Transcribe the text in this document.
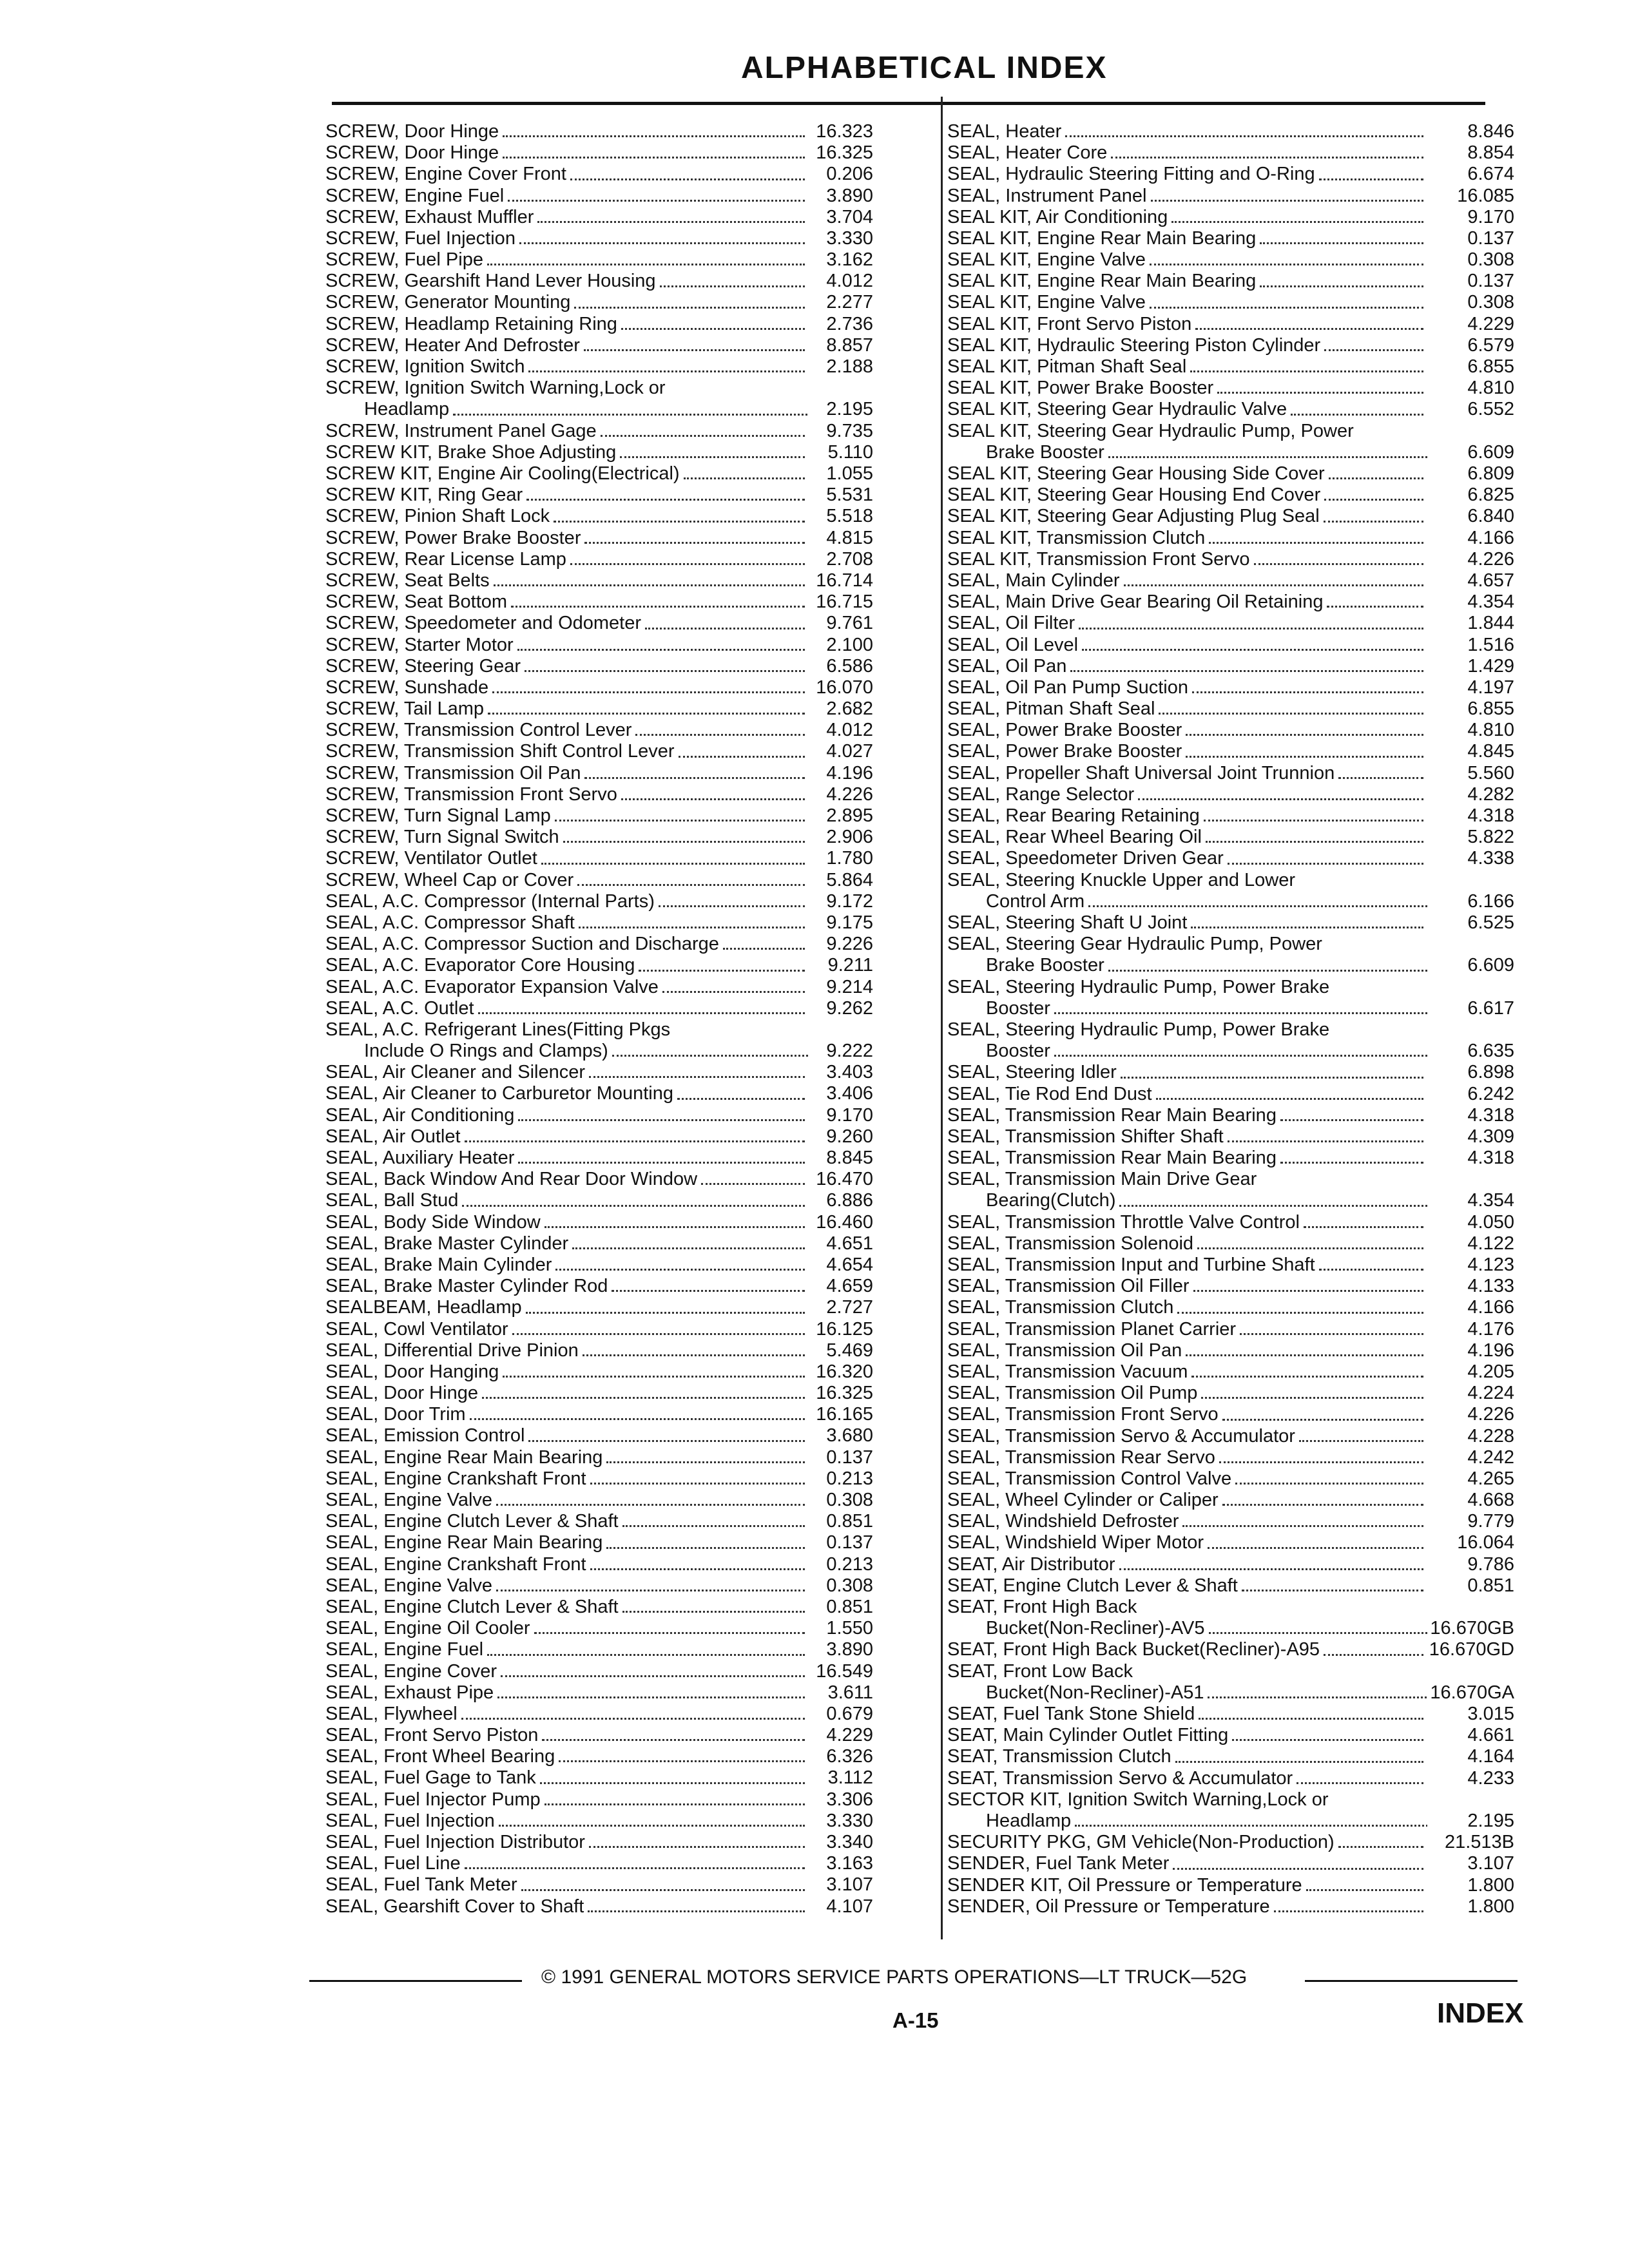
ALPHABETICAL INDEX
SCREW, Door Hinge	16.323
SCREW, Door Hinge	16.325
SCREW, Engine Cover Front	0.206
SCREW, Engine Fuel	3.890
SCREW, Exhaust Muffler	3.704
SCREW, Fuel Injection	3.330
SCREW, Fuel Pipe	3.162
SCREW, Gearshift Hand Lever Housing	4.012
SCREW, Generator Mounting	2.277
SCREW, Headlamp Retaining Ring	2.736
SCREW, Heater And Defroster	8.857
SCREW, Ignition Switch	2.188
SCREW, Ignition Switch Warning,Lock or
Headlamp	2.195
SCREW, Instrument Panel Gage	9.735
SCREW KIT, Brake Shoe Adjusting	5.110
SCREW KIT, Engine Air Cooling(Electrical)	1.055
SCREW KIT, Ring Gear	5.531
SCREW, Pinion Shaft Lock	5.518
SCREW, Power Brake Booster	4.815
SCREW, Rear License Lamp	2.708
SCREW, Seat Belts	16.714
SCREW, Seat Bottom	16.715
SCREW, Speedometer and Odometer	9.761
SCREW, Starter Motor	2.100
SCREW, Steering Gear	6.586
SCREW, Sunshade	16.070
SCREW, Tail Lamp	2.682
SCREW, Transmission Control Lever	4.012
SCREW, Transmission Shift Control Lever	4.027
SCREW, Transmission Oil Pan	4.196
SCREW, Transmission Front Servo	4.226
SCREW, Turn Signal Lamp	2.895
SCREW, Turn Signal Switch	2.906
SCREW, Ventilator Outlet	1.780
SCREW, Wheel Cap or Cover	5.864
SEAL, A.C. Compressor (Internal Parts)	9.172
SEAL, A.C. Compressor Shaft	9.175
SEAL, A.C. Compressor Suction and Discharge	9.226
SEAL, A.C. Evaporator Core Housing	9.211
SEAL, A.C. Evaporator Expansion Valve	9.214
SEAL, A.C. Outlet	9.262
SEAL, A.C. Refrigerant Lines(Fitting Pkgs
Include O Rings and Clamps)	9.222
SEAL, Air Cleaner and Silencer	3.403
SEAL, Air Cleaner to Carburetor Mounting	3.406
SEAL, Air Conditioning	9.170
SEAL, Air Outlet	9.260
SEAL, Auxiliary Heater	8.845
SEAL, Back Window And Rear Door Window	16.470
SEAL, Ball Stud	6.886
SEAL, Body Side Window	16.460
SEAL, Brake Master Cylinder	4.651
SEAL, Brake Main Cylinder	4.654
SEAL, Brake Master Cylinder Rod	4.659
SEALBEAM, Headlamp	2.727
SEAL, Cowl Ventilator	16.125
SEAL, Differential Drive Pinion	5.469
SEAL, Door Hanging	16.320
SEAL, Door Hinge	16.325
SEAL, Door Trim	16.165
SEAL, Emission Control	3.680
SEAL, Engine Rear Main Bearing	0.137
SEAL, Engine Crankshaft Front	0.213
SEAL, Engine Valve	0.308
SEAL, Engine Clutch Lever & Shaft	0.851
SEAL, Engine Rear Main Bearing	0.137
SEAL, Engine Crankshaft Front	0.213
SEAL, Engine Valve	0.308
SEAL, Engine Clutch Lever & Shaft	0.851
SEAL, Engine Oil Cooler	1.550
SEAL, Engine Fuel	3.890
SEAL, Engine Cover	16.549
SEAL, Exhaust Pipe	3.611
SEAL, Flywheel	0.679
SEAL, Front Servo Piston	4.229
SEAL, Front Wheel Bearing	6.326
SEAL, Fuel Gage to Tank	3.112
SEAL, Fuel Injector Pump	3.306
SEAL, Fuel Injection	3.330
SEAL, Fuel Injection Distributor	3.340
SEAL, Fuel Line	3.163
SEAL, Fuel Tank Meter	3.107
SEAL, Gearshift Cover to Shaft	4.107
SEAL, Heater	8.846
SEAL, Heater Core	8.854
SEAL, Hydraulic Steering Fitting and O-Ring	6.674
SEAL, Instrument Panel	16.085
SEAL KIT, Air Conditioning	9.170
SEAL KIT, Engine Rear Main Bearing	0.137
SEAL KIT, Engine Valve	0.308
SEAL KIT, Engine Rear Main Bearing	0.137
SEAL KIT, Engine Valve	0.308
SEAL KIT, Front Servo Piston	4.229
SEAL KIT, Hydraulic Steering Piston Cylinder	6.579
SEAL KIT, Pitman Shaft Seal	6.855
SEAL KIT, Power Brake Booster	4.810
SEAL KIT, Steering Gear Hydraulic Valve	6.552
SEAL KIT, Steering Gear Hydraulic Pump, Power
Brake Booster	6.609
SEAL KIT, Steering Gear Housing Side Cover	6.809
SEAL KIT, Steering Gear Housing End Cover	6.825
SEAL KIT, Steering Gear Adjusting Plug Seal	6.840
SEAL KIT, Transmission Clutch	4.166
SEAL KIT, Transmission Front Servo	4.226
SEAL, Main Cylinder	4.657
SEAL, Main Drive Gear Bearing Oil Retaining	4.354
SEAL, Oil Filter	1.844
SEAL, Oil Level	1.516
SEAL, Oil Pan	1.429
SEAL, Oil Pan Pump Suction	4.197
SEAL, Pitman Shaft Seal	6.855
SEAL, Power Brake Booster	4.810
SEAL, Power Brake Booster	4.845
SEAL, Propeller Shaft Universal Joint Trunnion	5.560
SEAL, Range Selector	4.282
SEAL, Rear Bearing Retaining	4.318
SEAL, Rear Wheel Bearing Oil	5.822
SEAL, Speedometer Driven Gear	4.338
SEAL, Steering Knuckle Upper and Lower
Control Arm	6.166
SEAL, Steering Shaft U Joint	6.525
SEAL, Steering Gear Hydraulic Pump, Power
Brake Booster	6.609
SEAL, Steering Hydraulic Pump, Power Brake
Booster	6.617
SEAL, Steering Hydraulic Pump, Power Brake
Booster	6.635
SEAL, Steering Idler	6.898
SEAL, Tie Rod End Dust	6.242
SEAL, Transmission Rear Main Bearing	4.318
SEAL, Transmission Shifter Shaft	4.309
SEAL, Transmission Rear Main Bearing	4.318
SEAL, Transmission Main Drive Gear
Bearing(Clutch)	4.354
SEAL, Transmission Throttle Valve Control	4.050
SEAL, Transmission Solenoid	4.122
SEAL, Transmission Input and Turbine Shaft	4.123
SEAL, Transmission Oil Filler	4.133
SEAL, Transmission Clutch	4.166
SEAL, Transmission Planet Carrier	4.176
SEAL, Transmission Oil Pan	4.196
SEAL, Transmission Vacuum	4.205
SEAL, Transmission Oil Pump	4.224
SEAL, Transmission Front Servo	4.226
SEAL, Transmission Servo & Accumulator	4.228
SEAL, Transmission Rear Servo	4.242
SEAL, Transmission Control Valve	4.265
SEAL, Wheel Cylinder or Caliper	4.668
SEAL, Windshield Defroster	9.779
SEAL, Windshield Wiper Motor	16.064
SEAT, Air Distributor	9.786
SEAT, Engine Clutch Lever & Shaft	0.851
SEAT, Front High Back
Bucket(Non-Recliner)-AV5	16.670GB
SEAT, Front High Back Bucket(Recliner)-A95	16.670GD
SEAT, Front Low Back
Bucket(Non-Recliner)-A51	16.670GA
SEAT, Fuel Tank Stone Shield	3.015
SEAT, Main Cylinder Outlet Fitting	4.661
SEAT, Transmission Clutch	4.164
SEAT, Transmission Servo & Accumulator	4.233
SECTOR KIT, Ignition Switch Warning,Lock or
Headlamp	2.195
SECURITY PKG, GM Vehicle(Non-Production)	21.513B
SENDER, Fuel Tank Meter	3.107
SENDER KIT, Oil Pressure or Temperature	1.800
SENDER, Oil Pressure or Temperature	1.800
© 1991 GENERAL MOTORS SERVICE PARTS OPERATIONS—LT TRUCK—52G
A-15	INDEX
